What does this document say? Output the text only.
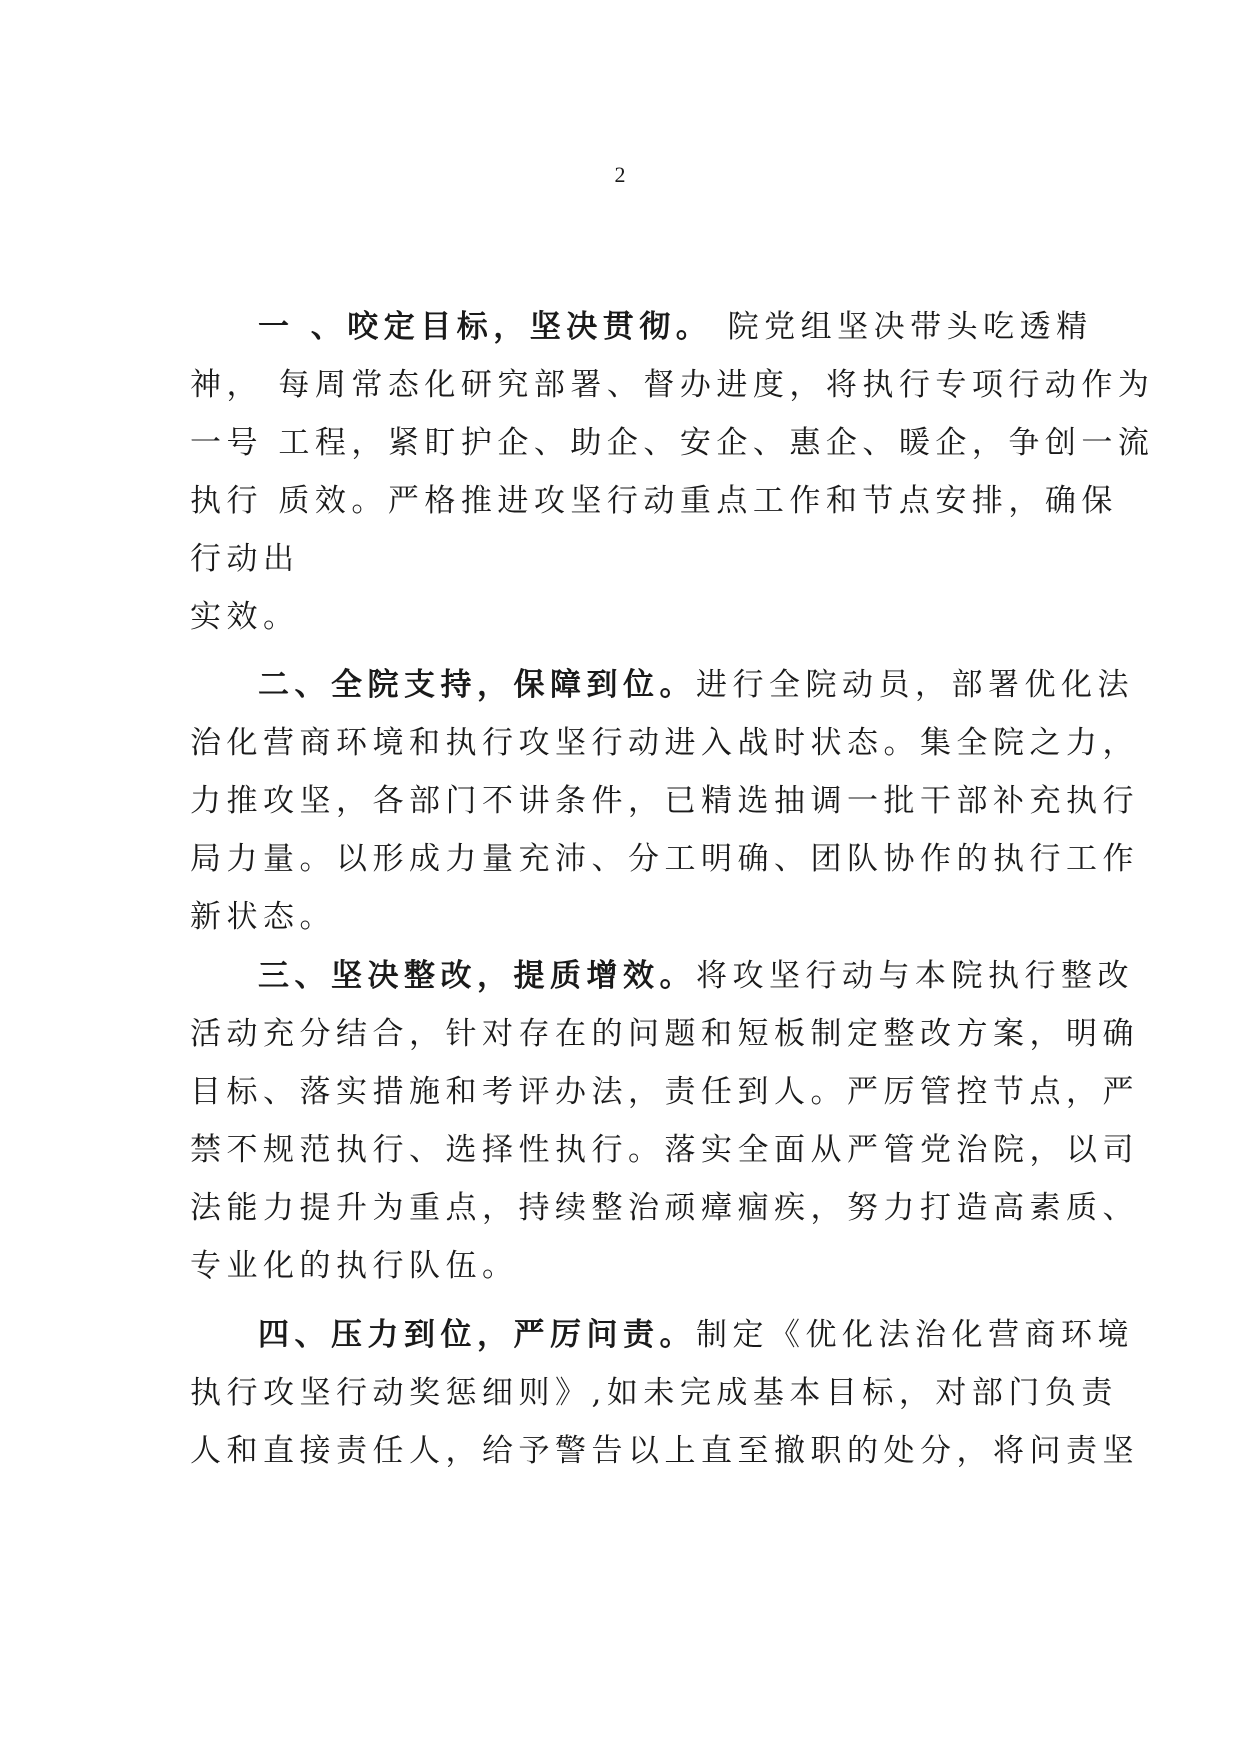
2
一 、咬定目标，坚决贯彻。 院党组坚决带头吃透精
神， 每周常态化研究部署、督办进度，将执行专项行动作为
一号 工程，紧盯护企、助企、安企、惠企、暖企，争创一流
执行 质效。严格推进攻坚行动重点工作和节点安排，确保
行动出
实效。
二、全院支持，保障到位。进行全院动员，部署优化法
治化营商环境和执行攻坚行动进入战时状态。集全院之力，
力推攻坚，各部门不讲条件，已精选抽调一批干部补充执行
局力量。以形成力量充沛、分工明确、团队协作的执行工作
新状态。
三、坚决整改，提质增效。将攻坚行动与本院执行整改
活动充分结合，针对存在的问题和短板制定整改方案，明确
目标、落实措施和考评办法，责任到人。严厉管控节点，严
禁不规范执行、选择性执行。落实全面从严管党治院，以司
法能力提升为重点，持续整治顽瘴痼疾，努力打造高素质、
专业化的执行队伍。
四、压力到位，严厉问责。制定《优化法治化营商环境
执行攻坚行动奖惩细则》,如未完成基本目标，对部门负责
人和直接责任人，给予警告以上直至撤职的处分，将问责坚
